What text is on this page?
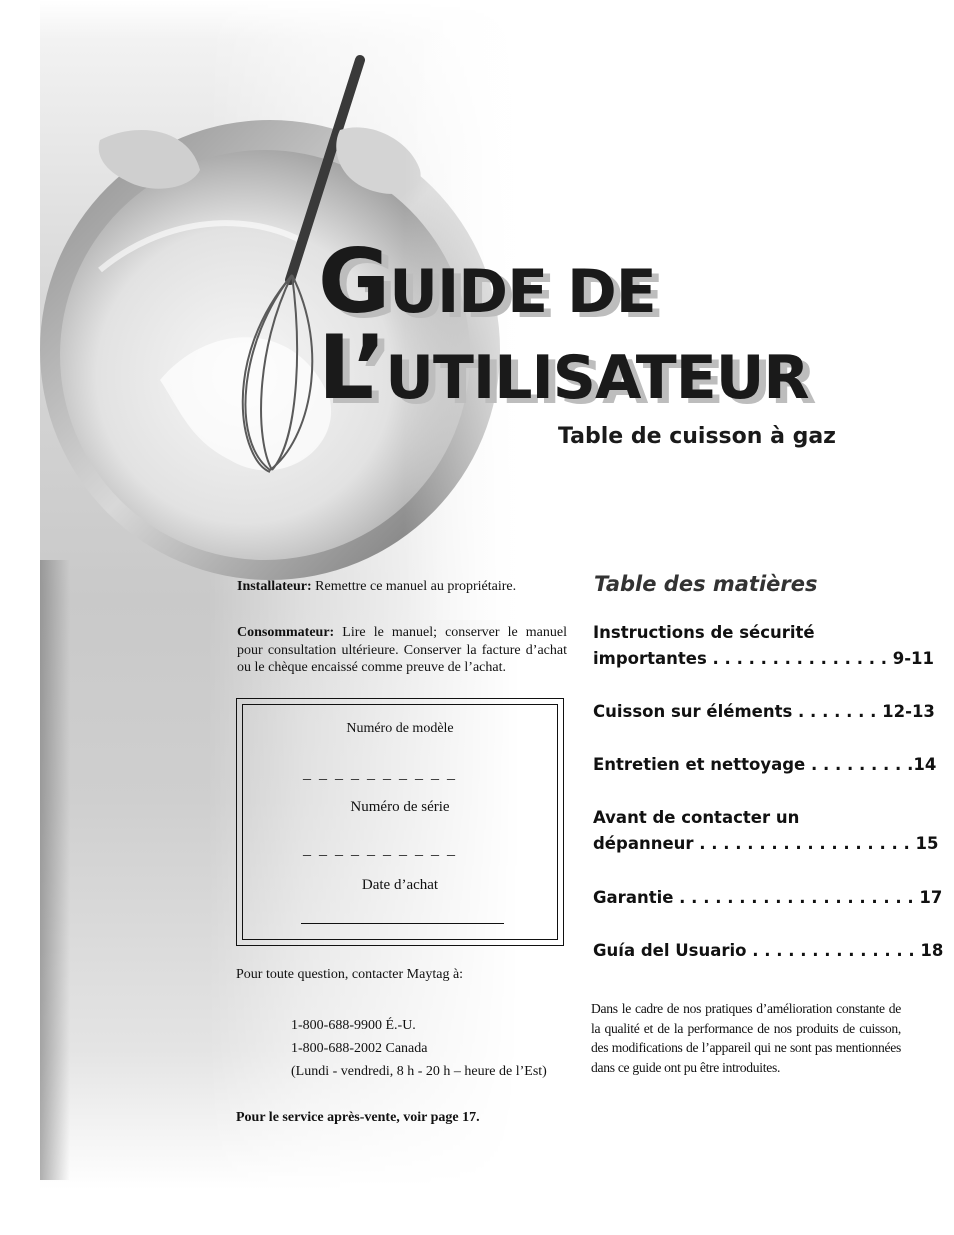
GUIDE DE
L’UTILISATEUR
Table de cuisson à gaz
Installateur: Remettre ce manuel au propriétaire.
Consommateur: Lire le manuel; conserver le manuel pour consultation ultérieure. Conserver la facture d’achat ou le chèque encaissé comme preuve de l’achat.
Numéro de modèle
_ _ _ _ _ _ _ _ _ _
Numéro de série
_ _ _ _ _ _ _ _ _ _
Date d’achat
Pour toute question, contacter Maytag à:
1-800-688-9900 É.-U.
1-800-688-2002 Canada
(Lundi - vendredi, 8 h - 20 h – heure de l’Est)
Pour le service après-vente, voir page 17.
Table des matières
Instructions de sécurité
importantes . . . . . . . . . . . . . . . 9-11
Cuisson sur éléments . . . . . . . 12-13
Entretien et nettoyage . . . . . . . . .14
Avant de contacter un
dépanneur . . . . . . . . . . . . . . . . . . 15
Garantie . . . . . . . . . . . . . . . . . . . . 17
Guía del Usuario . . . . . . . . . . . . . . 18
Dans le cadre de nos pratiques d’amélioration constante de la qualité et de la performance de nos produits de cuisson, des modifications de l’appareil qui ne sont pas mentionnées dans ce guide ont pu être introduites.
